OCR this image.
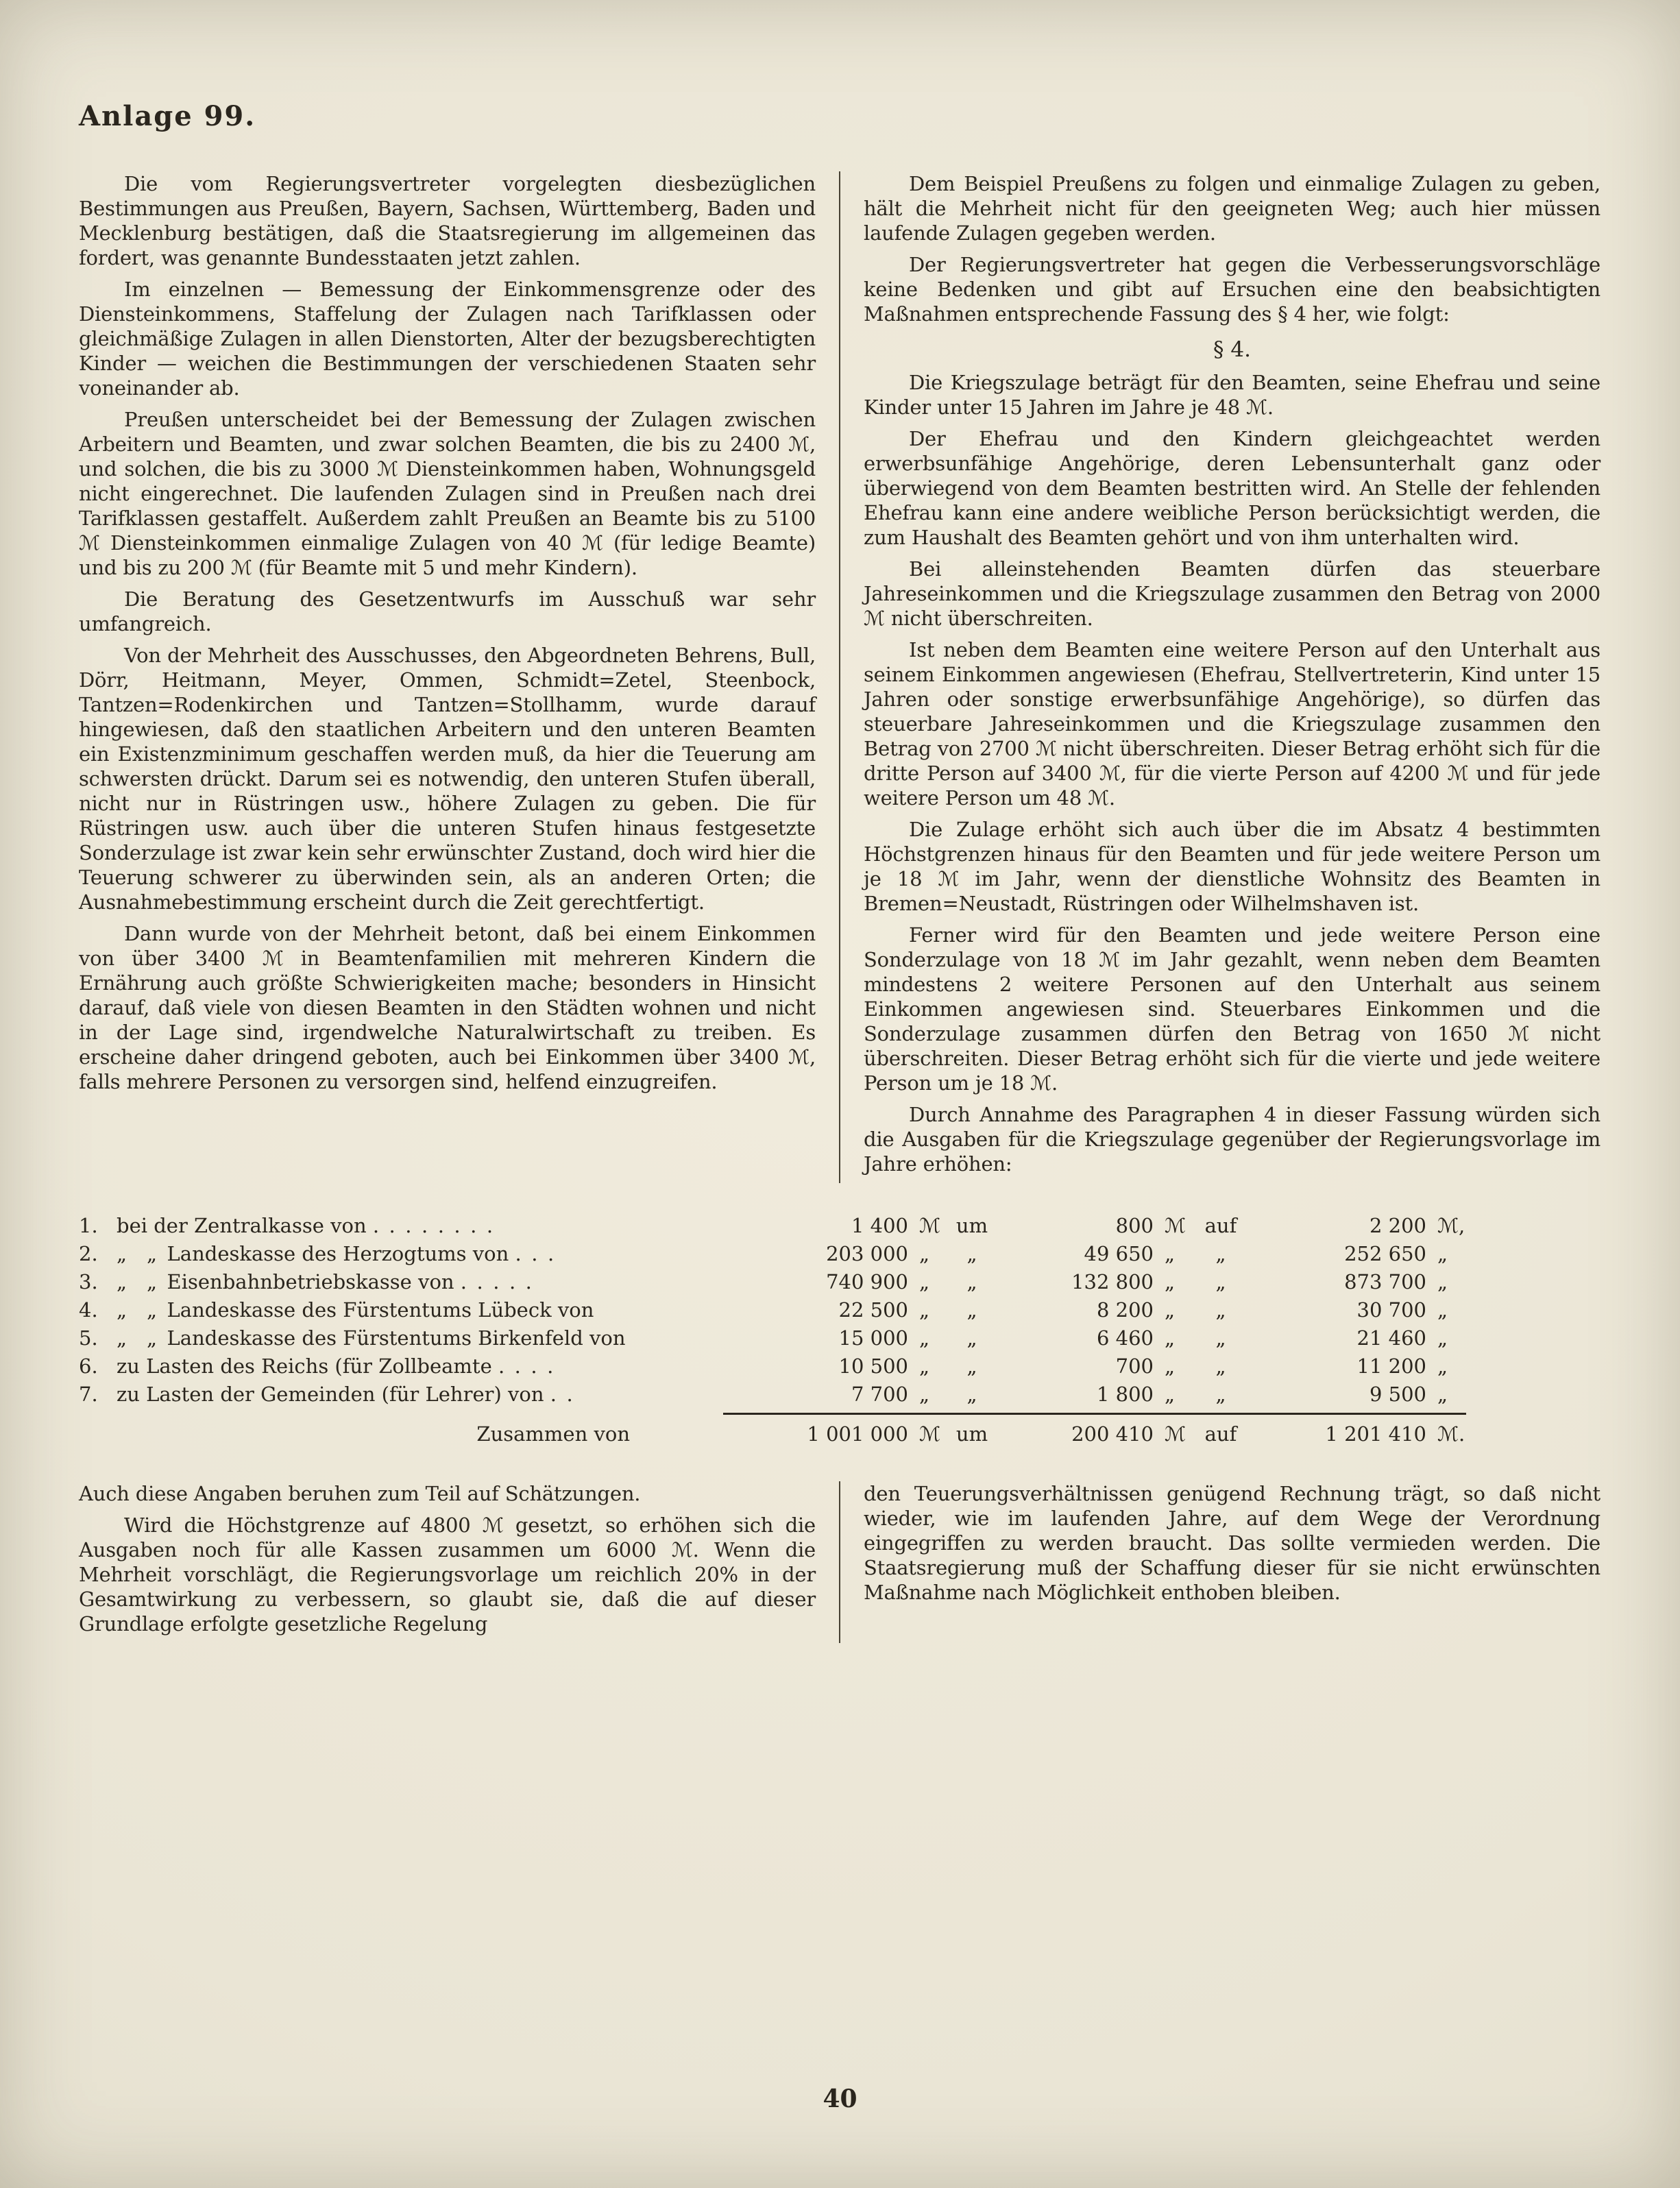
Anlage 99.

Die vom Regierungsvertreter vorgelegten diesbezüglichen Bestimmungen aus Preußen, Bayern, Sachsen, Württemberg, Baden und Mecklenburg bestätigen, daß die Staatsregierung im allgemeinen das fordert, was genannte Bundesstaaten jetzt zahlen.

Im einzelnen — Bemessung der Einkommensgrenze oder des Diensteinkommens, Staffelung der Zulagen nach Tarifklassen oder gleichmäßige Zulagen in allen Dienstorten, Alter der bezugsberechtigten Kinder — weichen die Bestimmungen der verschiedenen Staaten sehr voneinander ab.

Preußen unterscheidet bei der Bemessung der Zulagen zwischen Arbeitern und Beamten, und zwar solchen Beamten, die bis zu 2400 ℳ, und solchen, die bis zu 3000 ℳ Diensteinkommen haben, Wohnungsgeld nicht eingerechnet. Die laufenden Zulagen sind in Preußen nach drei Tarifklassen gestaffelt. Außerdem zahlt Preußen an Beamte bis zu 5100 ℳ Diensteinkommen einmalige Zulagen von 40 ℳ (für ledige Beamte) und bis zu 200 ℳ (für Beamte mit 5 und mehr Kindern).

Die Beratung des Gesetzentwurfs im Ausschuß war sehr umfangreich.

Von der Mehrheit des Ausschusses, den Abgeordneten Behrens, Bull, Dörr, Heitmann, Meyer, Ommen, Schmidt=Zetel, Steenbock, Tantzen=Rodenkirchen und Tantzen=Stollhamm, wurde darauf hingewiesen, daß den staatlichen Arbeitern und den unteren Beamten ein Existenzminimum geschaffen werden muß, da hier die Teuerung am schwersten drückt. Darum sei es notwendig, den unteren Stufen überall, nicht nur in Rüstringen usw., höhere Zulagen zu geben. Die für Rüstringen usw. auch über die unteren Stufen hinaus festgesetzte Sonderzulage ist zwar kein sehr erwünschter Zustand, doch wird hier die Teuerung schwerer zu überwinden sein, als an anderen Orten; die Ausnahmebestimmung erscheint durch die Zeit gerechtfertigt.

Dann wurde von der Mehrheit betont, daß bei einem Einkommen von über 3400 ℳ in Beamtenfamilien mit mehreren Kindern die Ernährung auch größte Schwierigkeiten mache; besonders in Hinsicht darauf, daß viele von diesen Beamten in den Städten wohnen und nicht in der Lage sind, irgendwelche Naturalwirtschaft zu treiben. Es erscheine daher dringend geboten, auch bei Einkommen über 3400 ℳ, falls mehrere Personen zu versorgen sind, helfend einzugreifen.

Dem Beispiel Preußens zu folgen und einmalige Zulagen zu geben, hält die Mehrheit nicht für den geeigneten Weg; auch hier müssen laufende Zulagen gegeben werden.

Der Regierungsvertreter hat gegen die Verbesserungsvorschläge keine Bedenken und gibt auf Ersuchen eine den beabsichtigten Maßnahmen entsprechende Fassung des § 4 her, wie folgt:

§ 4.

Die Kriegszulage beträgt für den Beamten, seine Ehefrau und seine Kinder unter 15 Jahren im Jahre je 48 ℳ.

Der Ehefrau und den Kindern gleichgeachtet werden erwerbsunfähige Angehörige, deren Lebensunterhalt ganz oder überwiegend von dem Beamten bestritten wird. An Stelle der fehlenden Ehefrau kann eine andere weibliche Person berücksichtigt werden, die zum Haushalt des Beamten gehört und von ihm unterhalten wird.

Bei alleinstehenden Beamten dürfen das steuerbare Jahreseinkommen und die Kriegszulage zusammen den Betrag von 2000 ℳ nicht überschreiten.

Ist neben dem Beamten eine weitere Person auf den Unterhalt aus seinem Einkommen angewiesen (Ehefrau, Stellvertreterin, Kind unter 15 Jahren oder sonstige erwerbsunfähige Angehörige), so dürfen das steuerbare Jahreseinkommen und die Kriegszulage zusammen den Betrag von 2700 ℳ nicht überschreiten. Dieser Betrag erhöht sich für die dritte Person auf 3400 ℳ, für die vierte Person auf 4200 ℳ und für jede weitere Person um 48 ℳ.

Die Zulage erhöht sich auch über die im Absatz 4 bestimmten Höchstgrenzen hinaus für den Beamten und für jede weitere Person um je 18 ℳ im Jahr, wenn der dienstliche Wohnsitz des Beamten in Bremen=Neustadt, Rüstringen oder Wilhelmshaven ist.

Ferner wird für den Beamten und jede weitere Person eine Sonderzulage von 18 ℳ im Jahr gezahlt, wenn neben dem Beamten mindestens 2 weitere Personen auf den Unterhalt aus seinem Einkommen angewiesen sind. Steuerbares Einkommen und die Sonderzulage zusammen dürfen den Betrag von 1650 ℳ nicht überschreiten. Dieser Betrag erhöht sich für die vierte und jede weitere Person um je 18 ℳ.

Durch Annahme des Paragraphen 4 in dieser Fassung würden sich die Ausgaben für die Kriegszulage gegenüber der Regierungsvorlage im Jahre erhöhen:

1. bei der Zentralkasse von . . . . . . . .	1 400 ℳ um	800 ℳ auf	2 200 ℳ,
2. „ „ Landeskasse des Herzogtums von . . .	203 000 „	„	49 650 „	„	252 650 „
3. „ „ Eisenbahnbetriebskasse von . . . . .	740 900 „	„	132 800 „	„	873 700 „
4. „ „ Landeskasse des Fürstentums Lübeck von	22 500 „	„	8 200 „	„	30 700 „
5. „ „ Landeskasse des Fürstentums Birkenfeld von	15 000 „	„	6 460 „	„	21 460 „
6. zu Lasten des Reichs (für Zollbeamte . . . .	10 500 „	„	700 „	„	11 200 „
7. zu Lasten der Gemeinden (für Lehrer) von . .	7 700 „	„	1 800 „	„	9 500 „
Zusammen von	1 001 000 ℳ um	200 410 ℳ auf	1 201 410 ℳ.

Auch diese Angaben beruhen zum Teil auf Schätzungen.

Wird die Höchstgrenze auf 4800 ℳ gesetzt, so erhöhen sich die Ausgaben noch für alle Kassen zusammen um 6000 ℳ. Wenn die Mehrheit vorschlägt, die Regierungsvorlage um reichlich 20% in der Gesamtwirkung zu verbessern, so glaubt sie, daß die auf dieser Grundlage erfolgte gesetzliche Regelung

den Teuerungsverhältnissen genügend Rechnung trägt, so daß nicht wieder, wie im laufenden Jahre, auf dem Wege der Verordnung eingegriffen zu werden braucht. Das sollte vermieden werden. Die Staatsregierung muß der Schaffung dieser für sie nicht erwünschten Maßnahme nach Möglichkeit enthoben bleiben.

40
